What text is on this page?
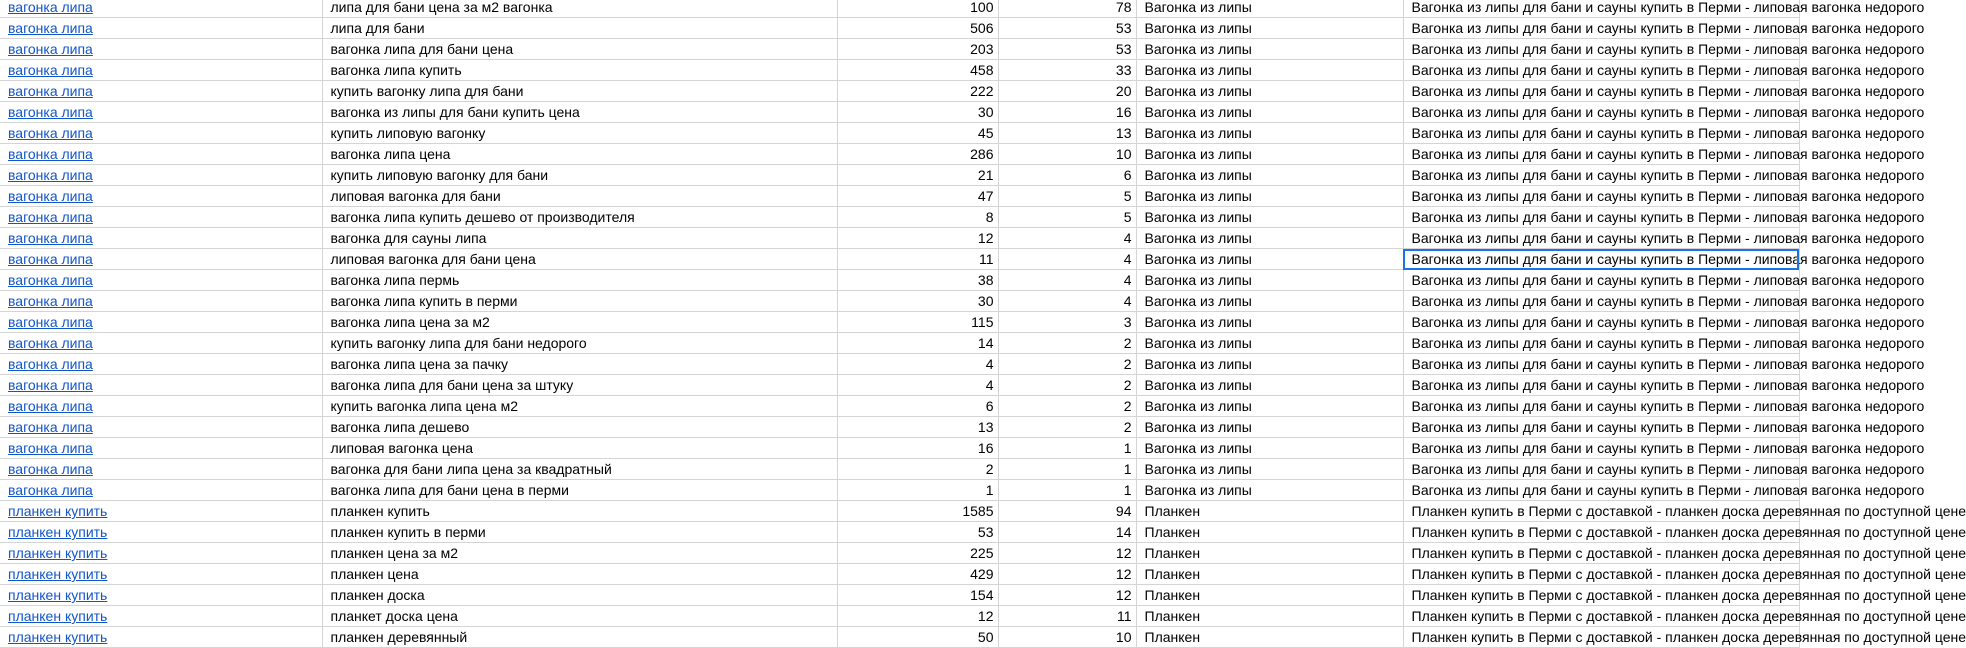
вагонка липа	липа для бани цена за м2 вагонка	100	78	Вагонка из липы	Вагонка из липы для бани и сауны купить в Перми - липовая вагонка недорого
вагонка липа	липа для бани	506	53	Вагонка из липы	Вагонка из липы для бани и сауны купить в Перми - липовая вагонка недорого
вагонка липа	вагонка липа для бани цена	203	53	Вагонка из липы	Вагонка из липы для бани и сауны купить в Перми - липовая вагонка недорого
вагонка липа	вагонка липа купить	458	33	Вагонка из липы	Вагонка из липы для бани и сауны купить в Перми - липовая вагонка недорого
вагонка липа	купить вагонку липа для бани	222	20	Вагонка из липы	Вагонка из липы для бани и сауны купить в Перми - липовая вагонка недорого
вагонка липа	вагонка из липы для бани купить цена	30	16	Вагонка из липы	Вагонка из липы для бани и сауны купить в Перми - липовая вагонка недорого
вагонка липа	купить липовую вагонку	45	13	Вагонка из липы	Вагонка из липы для бани и сауны купить в Перми - липовая вагонка недорого
вагонка липа	вагонка липа цена	286	10	Вагонка из липы	Вагонка из липы для бани и сауны купить в Перми - липовая вагонка недорого
вагонка липа	купить липовую вагонку для бани	21	6	Вагонка из липы	Вагонка из липы для бани и сауны купить в Перми - липовая вагонка недорого
вагонка липа	липовая вагонка для бани	47	5	Вагонка из липы	Вагонка из липы для бани и сауны купить в Перми - липовая вагонка недорого
вагонка липа	вагонка липа купить дешево от производителя	8	5	Вагонка из липы	Вагонка из липы для бани и сауны купить в Перми - липовая вагонка недорого
вагонка липа	вагонка для сауны липа	12	4	Вагонка из липы	Вагонка из липы для бани и сауны купить в Перми - липовая вагонка недорого
вагонка липа	липовая вагонка для бани цена	11	4	Вагонка из липы	Вагонка из липы для бани и сауны купить в Перми - липовая вагонка недорого
вагонка липа	вагонка липа пермь	38	4	Вагонка из липы	Вагонка из липы для бани и сауны купить в Перми - липовая вагонка недорого
вагонка липа	вагонка липа купить в перми	30	4	Вагонка из липы	Вагонка из липы для бани и сауны купить в Перми - липовая вагонка недорого
вагонка липа	вагонка липа цена за м2	115	3	Вагонка из липы	Вагонка из липы для бани и сауны купить в Перми - липовая вагонка недорого
вагонка липа	купить вагонку липа для бани недорого	14	2	Вагонка из липы	Вагонка из липы для бани и сауны купить в Перми - липовая вагонка недорого
вагонка липа	вагонка липа цена за пачку	4	2	Вагонка из липы	Вагонка из липы для бани и сауны купить в Перми - липовая вагонка недорого
вагонка липа	вагонка липа для бани цена за штуку	4	2	Вагонка из липы	Вагонка из липы для бани и сауны купить в Перми - липовая вагонка недорого
вагонка липа	купить вагонка липа цена м2	6	2	Вагонка из липы	Вагонка из липы для бани и сауны купить в Перми - липовая вагонка недорого
вагонка липа	вагонка липа дешево	13	2	Вагонка из липы	Вагонка из липы для бани и сауны купить в Перми - липовая вагонка недорого
вагонка липа	липовая вагонка цена	16	1	Вагонка из липы	Вагонка из липы для бани и сауны купить в Перми - липовая вагонка недорого
вагонка липа	вагонка для бани липа цена за квадратный	2	1	Вагонка из липы	Вагонка из липы для бани и сауны купить в Перми - липовая вагонка недорого
вагонка липа	вагонка липа для бани цена в перми	1	1	Вагонка из липы	Вагонка из липы для бани и сауны купить в Перми - липовая вагонка недорого
планкен купить	планкен купить	1585	94	Планкен	Планкен купить в Перми с доставкой - планкен доска деревянная по доступной цене
планкен купить	планкен купить в перми	53	14	Планкен	Планкен купить в Перми с доставкой - планкен доска деревянная по доступной цене
планкен купить	планкен цена за м2	225	12	Планкен	Планкен купить в Перми с доставкой - планкен доска деревянная по доступной цене
планкен купить	планкен цена	429	12	Планкен	Планкен купить в Перми с доставкой - планкен доска деревянная по доступной цене
планкен купить	планкен доска	154	12	Планкен	Планкен купить в Перми с доставкой - планкен доска деревянная по доступной цене
планкен купить	планкет доска цена	12	11	Планкен	Планкен купить в Перми с доставкой - планкен доска деревянная по доступной цене
планкен купить	планкен деревянный	50	10	Планкен	Планкен купить в Перми с доставкой - планкен доска деревянная по доступной цене
